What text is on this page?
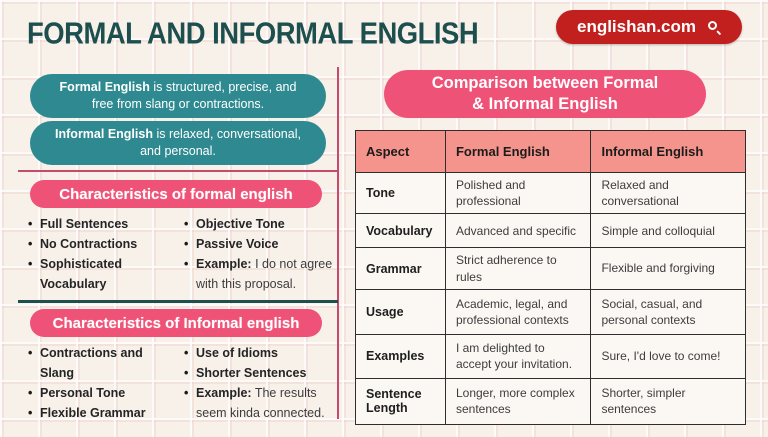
FORMAL AND INFORMAL ENGLISH	englishan.com

Formal English is structured, precise, and free from slang or contractions.

Informal English is relaxed, conversational, and personal.

Characteristics of formal english
• Full Sentences
• No Contractions
• Sophisticated Vocabulary
• Objective Tone
• Passive Voice
• Example: I do not agree with this proposal.
Characteristics of Informal english
• Contractions and Slang
• Personal Tone
• Flexible Grammar
• Use of Idioms
• Shorter Sentences
• Example: The results seem kinda connected.
Comparison between Formal
& Informal English
Aspect	Formal English	Informal English
Tone	Polished and professional	Relaxed and conversational
Vocabulary	Advanced and specific	Simple and colloquial
Grammar	Strict adherence to rules	Flexible and forgiving
Usage	Academic, legal, and professional contexts	Social, casual, and personal contexts
Examples	I am delighted to accept your invitation.	Sure, I'd love to come!
Sentence Length	Longer, more complex sentences	Shorter, simpler sentences
